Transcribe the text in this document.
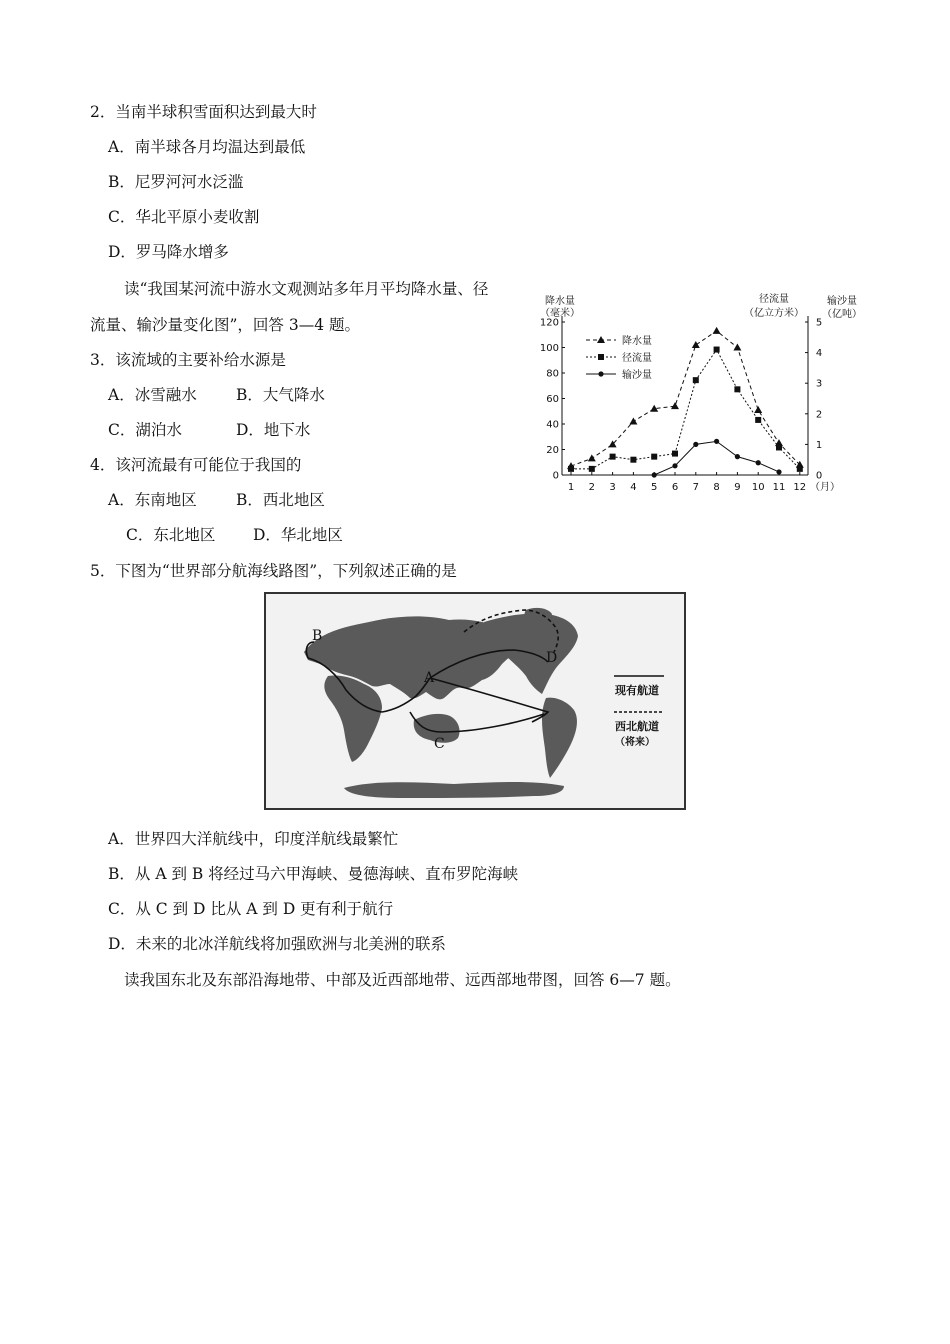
2．当南半球积雪面积达到最大时
A．南半球各月均温达到最低
B．尼罗河河水泛滥
C．华北平原小麦收割
D．罗马降水增多
读“我国某河流中游水文观测站多年月平均降水量、径
流量、输沙量变化图”，回答 3—4 题。
3．该流域的主要补给水源是
A．冰雪融水	B．大气降水
C．湖泊水	D．地下水
4．该河流最有可能位于我国的
A．东南地区	B．西北地区
C．东北地区 D．华北地区
5．下图为“世界部分航海线路图”，下列叙述正确的是
0
20
40
60
80
100
120
0
1
2
3
4
5
1 2 3 4 5 6 7 8 9 10 11 12 （月）
降水量
（毫米）
径流量
（亿立方米）
输沙量
（亿吨）
降水量
径流量
输沙量
B
A
C
D
现有航道
西北航道
（将来）
A．世界四大洋航线中，印度洋航线最繁忙
B．从 A 到 B 将经过马六甲海峡、曼德海峡、直布罗陀海峡
C．从 C 到 D 比从 A 到 D 更有利于航行
D．未来的北冰洋航线将加强欧洲与北美洲的联系
读我国东北及东部沿海地带、中部及近西部地带、远西部地带图，回答 6—7 题。
